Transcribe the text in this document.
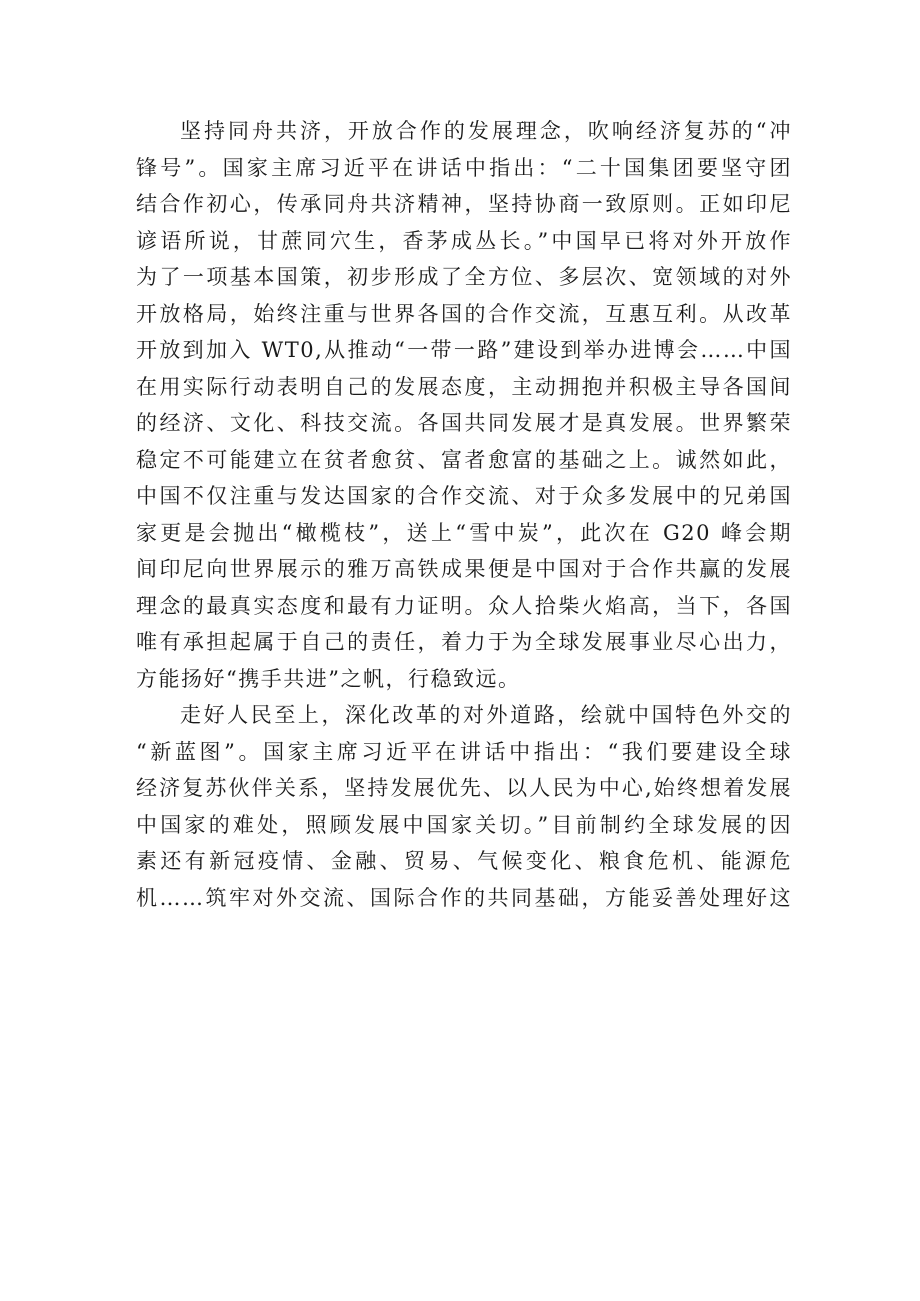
坚持同舟共济，开放合作的发展理念，吹响经济复苏的“冲
锋号”。国家主席习近平在讲话中指出：“二十国集团要坚守团
结合作初心，传承同舟共济精神，坚持协商一致原则。正如印尼
谚语所说，甘蔗同穴生，香茅成丛长。”中国早已将对外开放作
为了一项基本国策，初步形成了全方位、多层次、宽领域的对外
开放格局，始终注重与世界各国的合作交流，互惠互利。从改革
开放到加入 WT0,从推动“一带一路”建设到举办进博会……中国
在用实际行动表明自己的发展态度，主动拥抱并积极主导各国间
的经济、文化、科技交流。各国共同发展才是真发展。世界繁荣
稳定不可能建立在贫者愈贫、富者愈富的基础之上。诚然如此，
中国不仅注重与发达国家的合作交流、对于众多发展中的兄弟国
家更是会抛出“橄榄枝”，送上“雪中炭”，此次在 G20 峰会期
间印尼向世界展示的雅万高铁成果便是中国对于合作共赢的发展
理念的最真实态度和最有力证明。众人拾柴火焰高，当下，各国
唯有承担起属于自己的责任，着力于为全球发展事业尽心出力，
方能扬好“携手共进”之帆，行稳致远。
走好人民至上，深化改革的对外道路，绘就中国特色外交的
“新蓝图”。国家主席习近平在讲话中指出：“我们要建设全球
经济复苏伙伴关系，坚持发展优先、以人民为中心,始终想着发展
中国家的难处，照顾发展中国家关切。”目前制约全球发展的因
素还有新冠疫情、金融、贸易、气候变化、粮食危机、能源危
机……筑牢对外交流、国际合作的共同基础，方能妥善处理好这
